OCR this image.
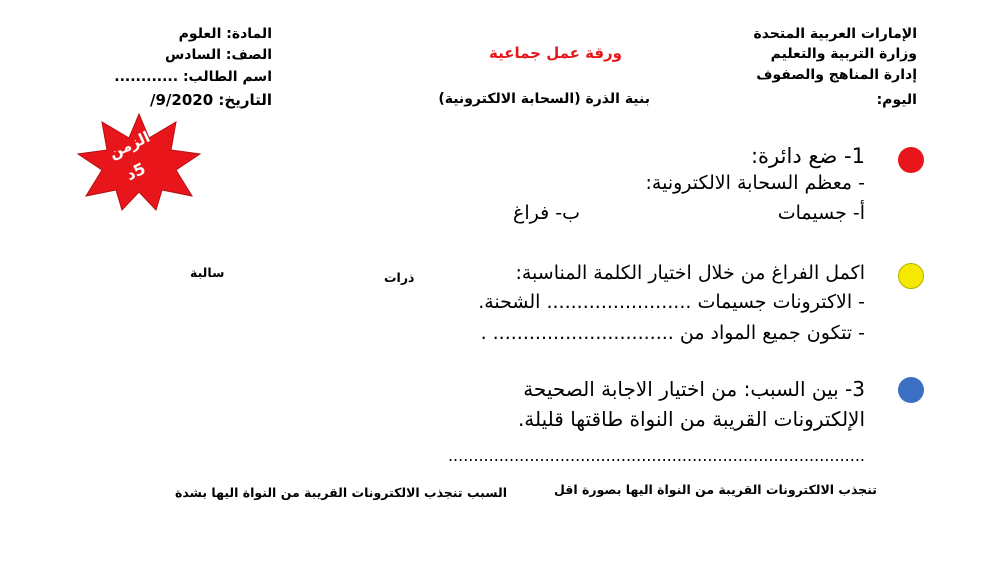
الإمارات العربية المتحدة
وزارة التربية والتعليم
إدارة المناهج والصفوف
اليوم:
ورقة عمل جماعية
بنية الذرة (السحابة الالكترونية)
المادة: العلوم
الصف: السادس
اسم الطالب: ............
التاريخ: 9/2020/
الزمن
5د
1- ضع دائرة:
- معظم السحابة الالكترونية:
أ- جسيمات
ب- فراغ
اكمل الفراغ من خلال اختيار الكلمة المناسبة:
ذرات
سالبة
- الاكترونات جسيمات ........................ الشحنة.
- تتكون جميع المواد من .............................. .
3- بين السبب: من اختيار الاجابة الصحيحة
الإلكترونات القريبة من النواة طاقتها قليلة.
..................................................................................
تنجذب الالكترونات القريبة من النواة اليها بصورة اقل
السبب تنجذب الالكترونات القريبة من النواة اليها بشدة
